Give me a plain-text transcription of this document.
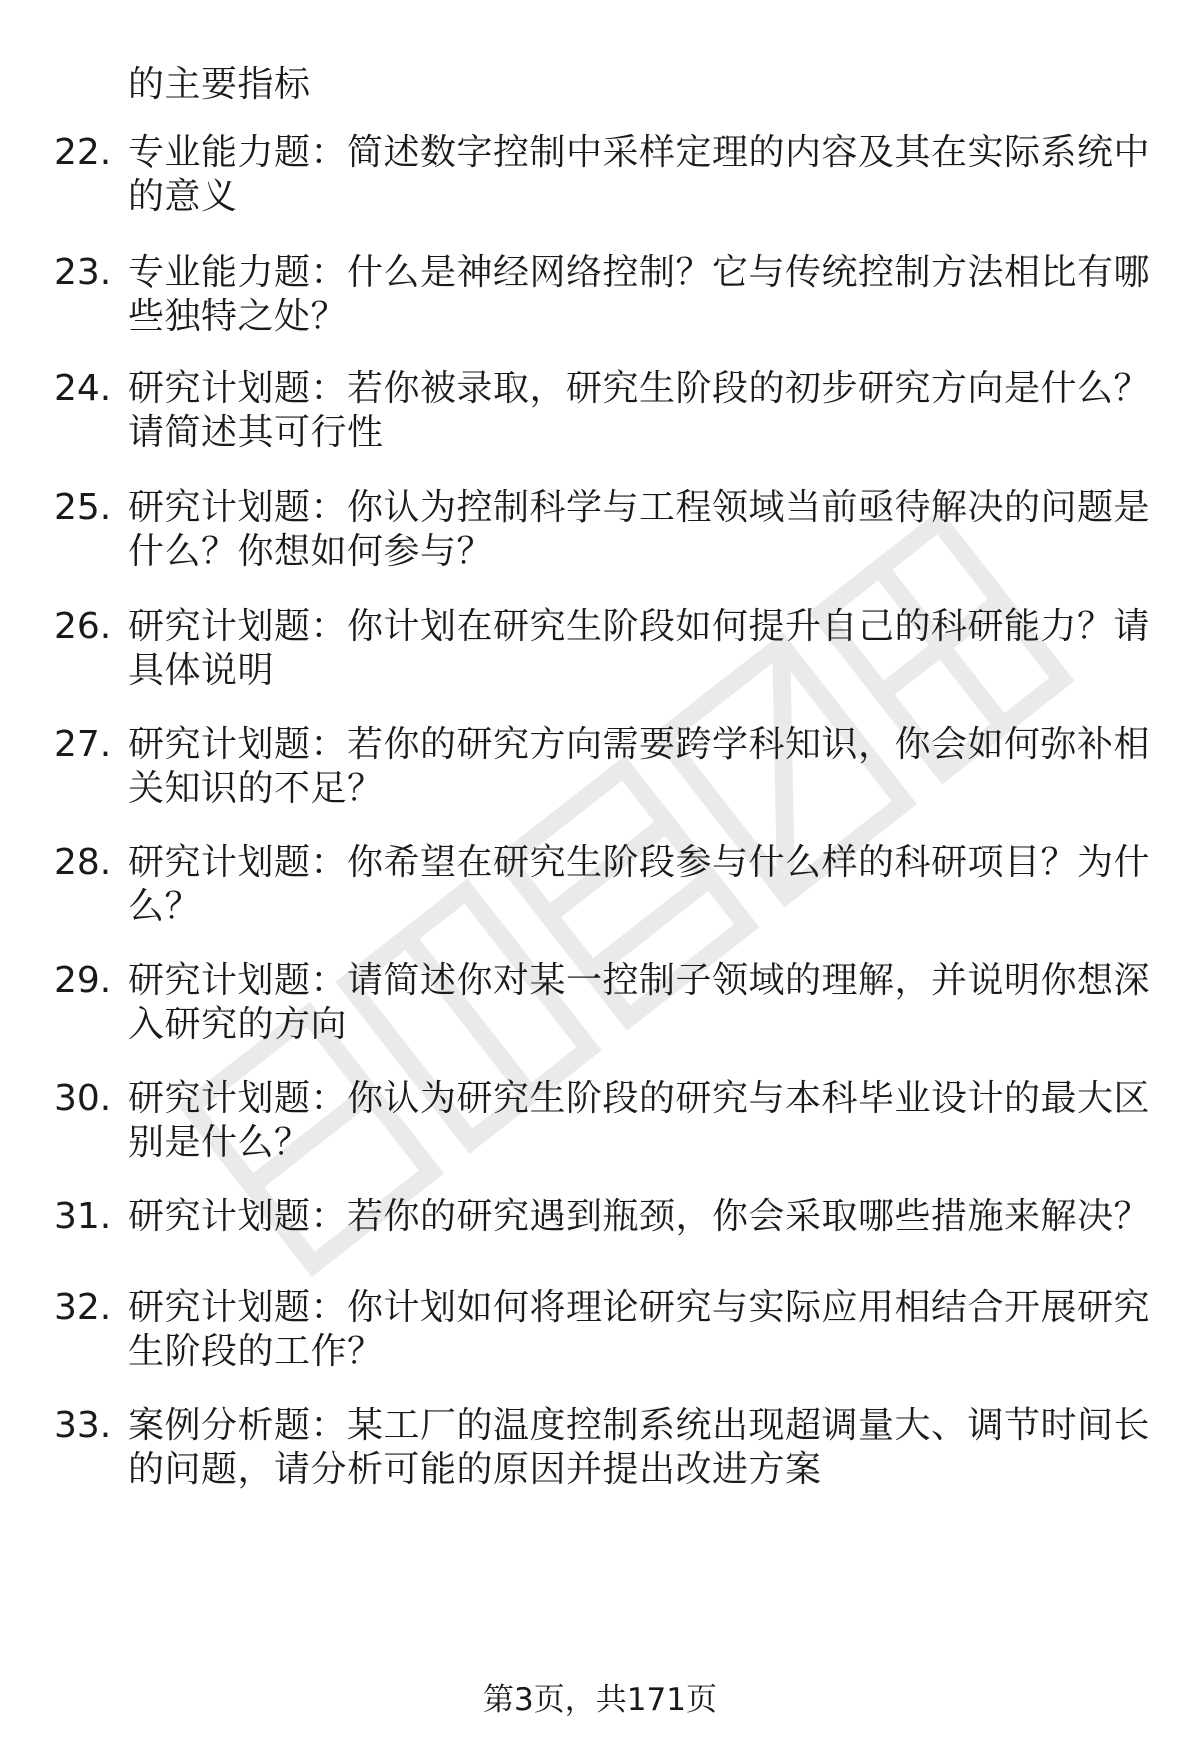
的主要指标
22. 专业能力题：简述数字控制中采样定理的内容及其在实际系统中
的意义
23. 专业能力题：什么是神经网络控制？它与传统控制方法相比有哪
些独特之处？
24. 研究计划题：若你被录取，研究生阶段的初步研究方向是什么？
请简述其可行性
25. 研究计划题：你认为控制科学与工程领域当前亟待解决的问题是
什么？你想如何参与？
26. 研究计划题：你计划在研究生阶段如何提升自己的科研能力？请
具体说明
27. 研究计划题：若你的研究方向需要跨学科知识，你会如何弥补相
关知识的不足？
28. 研究计划题：你希望在研究生阶段参与什么样的科研项目？为什
么？
29. 研究计划题：请简述你对某一控制子领域的理解，并说明你想深
入研究的方向
30. 研究计划题：你认为研究生阶段的研究与本科毕业设计的最大区
别是什么？
31. 研究计划题：若你的研究遇到瓶颈，你会采取哪些措施来解决？
32. 研究计划题：你计划如何将理论研究与实际应用相结合开展研究
生阶段的工作？
33. 案例分析题：某工厂的温度控制系统出现超调量大、调节时间长
的问题，请分析可能的原因并提出改进方案
第3页，共171页
